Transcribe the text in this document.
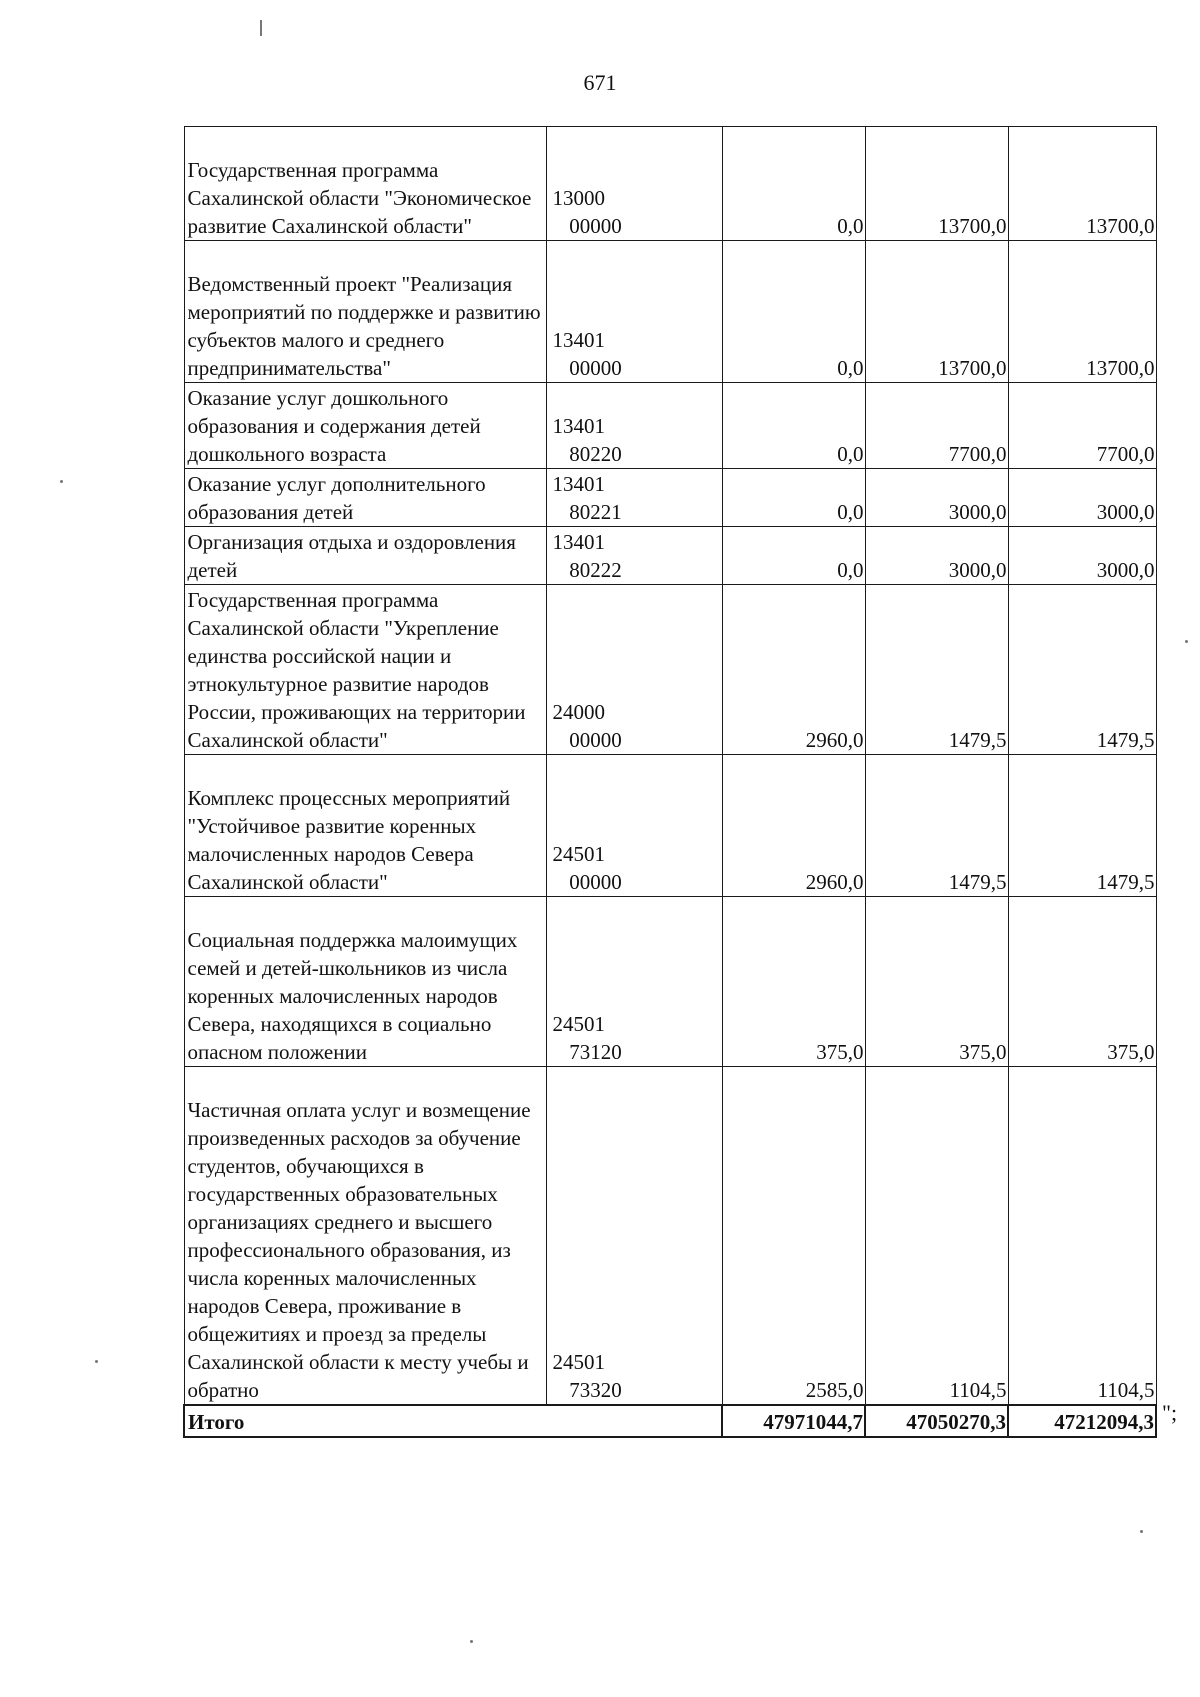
671
Государственная программа Сахалинской области "Экономическое развитие Сахалинской области"	1300000000	0,0	13700,0	13700,0
Ведомственный проект "Реализация мероприятий по поддержке и развитию субъектов малого и среднего предпринимательства"	1340100000	0,0	13700,0	13700,0
Оказание услуг дошкольного образования и содержания детей дошкольного возраста	1340180220	0,0	7700,0	7700,0
Оказание услуг дополнительного образования детей	1340180221	0,0	3000,0	3000,0
Организация отдыха и оздоровления детей	1340180222	0,0	3000,0	3000,0
Государственная программа Сахалинской области "Укрепление единства российской нации и этнокультурное развитие народов России, проживающих на территории Сахалинской области"	2400000000	2960,0	1479,5	1479,5
Комплекс процессных мероприятий "Устойчивое развитие коренных малочисленных народов Севера Сахалинской области"	2450100000	2960,0	1479,5	1479,5
Социальная поддержка малоимущих семей и детей-школьников из числа коренных малочисленных народов Севера, находящихся в социально опасном положении	2450173120	375,0	375,0	375,0
Частичная оплата услуг и возмещение произведенных расходов за обучение студентов, обучающихся в государственных образовательных организациях среднего и высшего профессионального образования, из числа коренных малочисленных народов Севера, проживание в общежитиях и проезд за пределы Сахалинской области к месту учебы и обратно	2450173320	2585,0	1104,5	1104,5
Итого		47971044,7	47050270,3	47212094,3 ";
